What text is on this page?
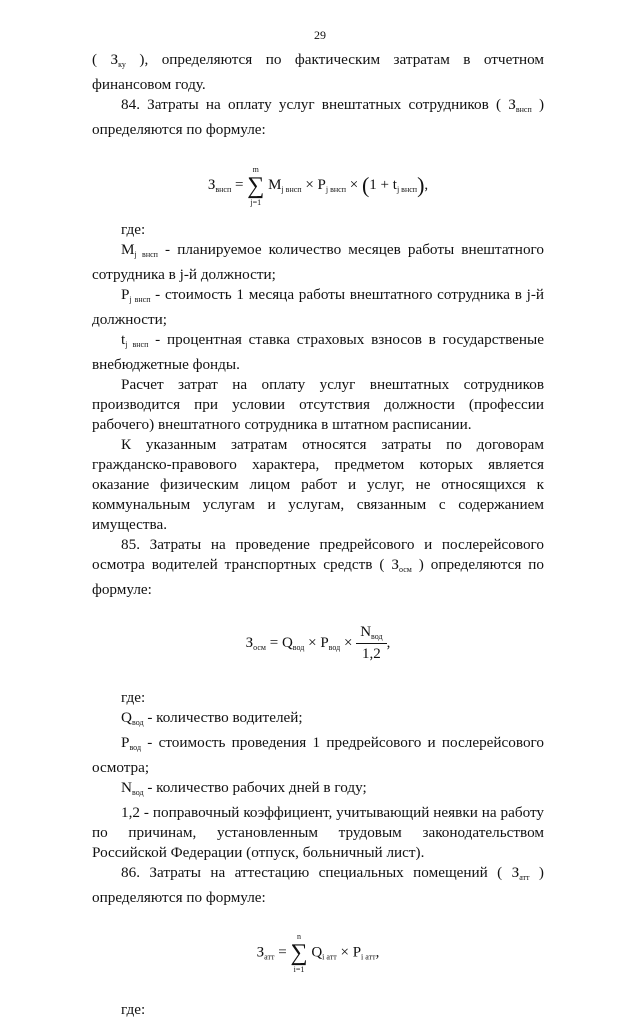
29

( $З_{ку}$ ), определяются по фактическим затратам в отчетном финансовом году.

84. Затраты на оплату услуг внештатных сотрудников ( $З_{внсп}$ ) определяются по формуле:

$З_{внсп}$ =
m
∑
j=1
$M_{j внсп} \times P_{j внсп} \times (1 + t_{j внсп})$,

где:

$M_{j внсп}$ - планируемое количество месяцев работы внештатного сотрудника в j-й должности;

$P_{j внсп}$ - стоимость 1 месяца работы внештатного сотрудника в j-й должности;

$t_{j внсп}$ - процентная ставка страховых взносов в государственые внебюджетные фонды.

Расчет затрат на оплату услуг внештатных сотрудников производится при условии отсутствия должности (профессии рабочего) внештатного сотрудника в штатном расписании.

К указанным затратам относятся затраты по договорам гражданско-правового характера, предметом которых является оказание физическим лицом работ и услуг, не относящихся к коммунальным услугам и услугам, связанным с содержанием имущества.

85. Затраты на проведение предрейсового и послерейсового осмотра водителей транспортных средств ( $З_{осм}$ ) определяются по формуле:

$З_{осм} = Q_{вод} \times P_{вод} \times \frac{N_{вод}}{1,2}$ ,

где:

$Q_{вод}$ - количество водителей;

$P_{вод}$ - стоимость проведения 1 предрейсового и послерейсового осмотра;

$N_{вод}$ - количество рабочих дней в году;

1,2 - поправочный коэффициент, учитывающий неявки на работу по причинам, установленным трудовым законодательством Российской Федерации (отпуск, больничный лист).

86. Затраты на аттестацию специальных помещений ( $З_{атт}$ ) определяются по формуле:

$З_{атт}$ =
n
∑
i=1
$Q_{i атт} \times P_{i атт}$,

где:
